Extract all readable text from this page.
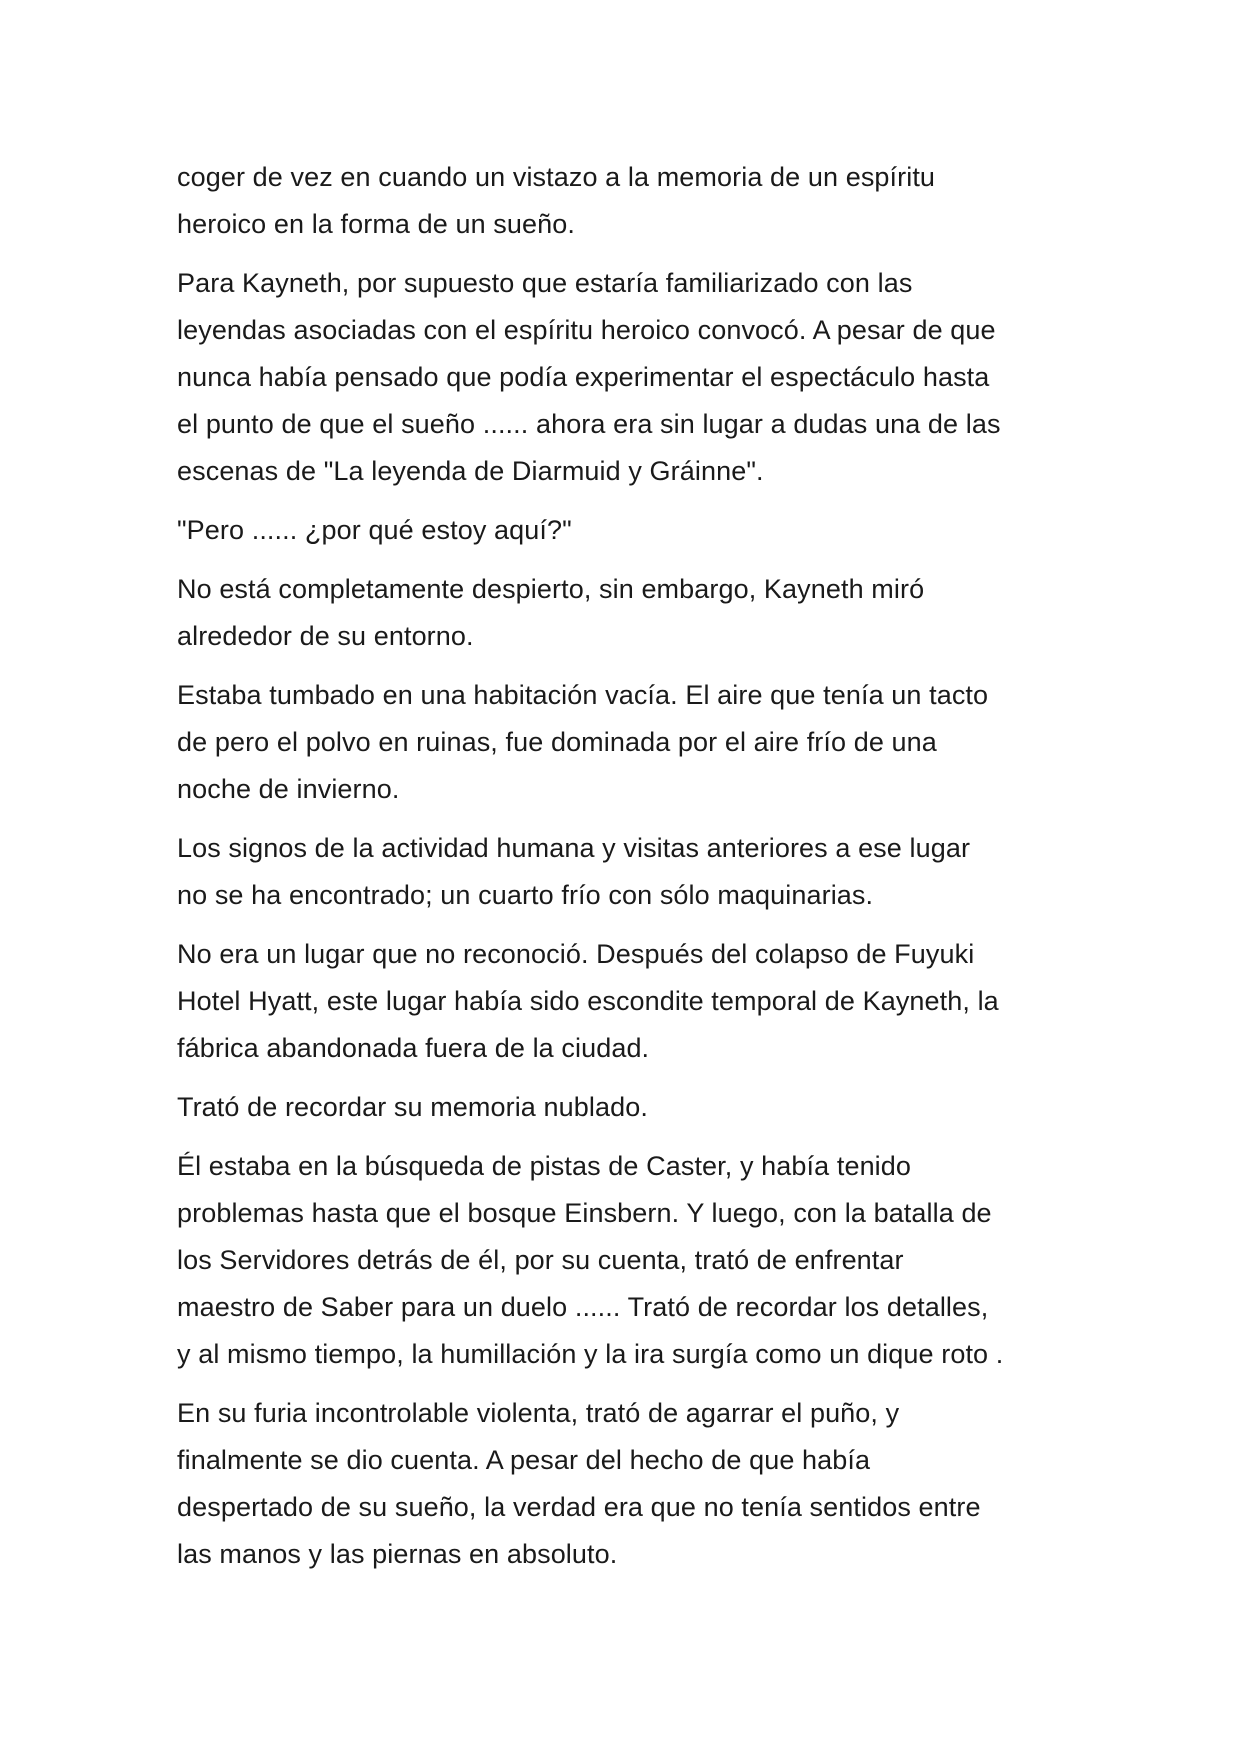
coger de vez en cuando un vistazo a la memoria de un espíritu
heroico en la forma de un sueño.

Para Kayneth, por supuesto que estaría familiarizado con las
leyendas asociadas con el espíritu heroico convocó. A pesar de que
nunca había pensado que podía experimentar el espectáculo hasta
el punto de que el sueño ...... ahora era sin lugar a dudas una de las
escenas de "La leyenda de Diarmuid y Gráinne".

"Pero ...... ¿por qué estoy aquí?"

No está completamente despierto, sin embargo, Kayneth miró
alrededor de su entorno.

Estaba tumbado en una habitación vacía. El aire que tenía un tacto
de pero el polvo en ruinas, fue dominada por el aire frío de una
noche de invierno.

Los signos de la actividad humana y visitas anteriores a ese lugar
no se ha encontrado; un cuarto frío con sólo maquinarias.

No era un lugar que no reconoció. Después del colapso de Fuyuki
Hotel Hyatt, este lugar había sido escondite temporal de Kayneth, la
fábrica abandonada fuera de la ciudad.

Trató de recordar su memoria nublado.

Él estaba en la búsqueda de pistas de Caster, y había tenido
problemas hasta que el bosque Einsbern. Y luego, con la batalla de
los Servidores detrás de él, por su cuenta, trató de enfrentar
maestro de Saber para un duelo ...... Trató de recordar los detalles,
y al mismo tiempo, la humillación y la ira surgía como un dique roto .

En su furia incontrolable violenta, trató de agarrar el puño, y
finalmente se dio cuenta. A pesar del hecho de que había
despertado de su sueño, la verdad era que no tenía sentidos entre
las manos y las piernas en absoluto.
